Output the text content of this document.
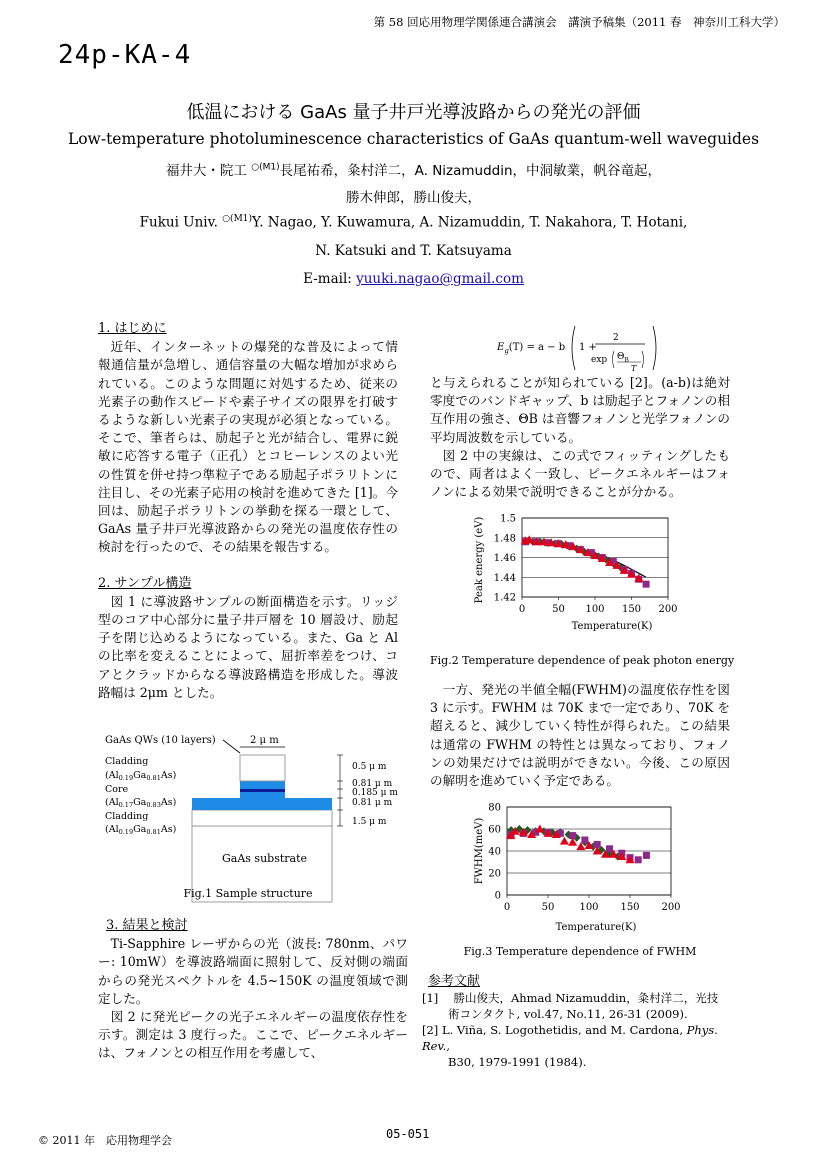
第 58 回応用物理学関係連合講演会　講演予稿集（2011 春　神奈川工科大学）
24p-KA-4
低温における GaAs 量子井戸光導波路からの発光の評価
Low-temperature photoluminescence characteristics of GaAs quantum-well waveguides
福井大・院工 $^{○(M1)}$長尾祐希，粂村洋二，A. Nizamuddin，中洞敏業，帆谷竜起，
勝木伸郎，勝山俊夫，
Fukui Univ. $^{○(M1)}$Y. Nagao, Y. Kuwamura, A. Nizamuddin, T. Nakahora, T. Hotani,
N. Katsuki and T. Katsuyama
E-mail: yuuki.nagao@gmail.com
1. はじめに

近年、インターネットの爆発的な普及によって情報通信量が急増し、通信容量の大幅な増加が求められている。このような問題に対処するため、従来の光素子の動作スピードや素子サイズの限界を打破するような新しい光素子の実現が必須となっている。そこで、筆者らは、励起子と光が結合し、電界に鋭敏に応答する電子（正孔）とコヒーレンスのよい光の性質を併せ持つ準粒子である励起子ポラリトンに注目し、その光素子応用の検討を進めてきた [1]。今回は、励起子ポラリトンの挙動を探る一環として、GaAs 量子井戸光導波路からの発光の温度依存性の検討を行ったので、その結果を報告する。

2. サンプル構造

図 1 に導波路サンプルの断面構造を示す。リッジ型のコア中心部分に量子井戸層を 10 層設け、励起子を閉じ込めるようになっている。また、Ga と Al の比率を変えることによって、屈折率差をつけ、コアとクラッドからなる導波路構造を形成した。導波路幅は 2μm とした。

GaAs QWs (10 layers)	2 μ m
GaAs substrate
Cladding
$(Al_{0.19}Ga_{0.81}As)$
Core
$(Al_{0.17}Ga_{0.83}As)$
Cladding
$(Al_{0.19}Ga_{0.81}As)$
0.5 μ m
0.81 μ m
0.185 μ m
0.81 μ m
1.5 μ m
Fig.1 Sample structure
3. 結果と検討

Ti-Sapphire レーザからの光（波長: 780nm、パワー: 10mW）を導波路端面に照射して、反対側の端面からの発光スペクトルを 4.5~150K の温度領域で測定した。

図 2 に発光ピークの光子エネルギーの温度依存性を示す。測定は 3 度行った。ここで、ピークエネルギーは、フォノンとの相互作用を考慮して、

$E_g(T) = a - b$ 1 +
2
$\exp \Theta_B$
T

と与えられることが知られている [2]。(a-b)は絶対零度でのバンドギャップ、b は励起子とフォノンの相互作用の強さ、ΘB は音響フォノンと光学フォノンの平均周波数を示している。

図 2 中の実線は、この式でフィッティングしたもので、両者はよく一致し、ピークエネルギーはフォノンによる効果で説明できることが分かる。

1.5
1.48
1.46
1.44
1.42
0	50 100 150 200
Temperature(K)
Peak energy (eV)
Fig.2 Temperature dependence of peak photon energy

一方、発光の半値全幅(FWHM)の温度依存性を図 3 に示す。FWHM は 70K まで一定であり、70K を超えると、減少していく特性が得られた。この結果は通常の FWHM の特性とは異なっており、フォノンの効果だけでは説明ができない。今後、この原因の解明を進めていく予定である。

80
60
40
20
0
0	50	100 150 200
Temperature(K)
FWHM(meV)
Fig.3 Temperature dependence of FWHM
参考文献
[1]　 勝山俊夫，Ahmad Nizamuddin，粂村洋二，光技
術コンタクト, vol.47, No.11, 26-31 (2009).
[2] L. Viña, S. Logothetidis, and M. Cardona, Phys. Rev.,
B30, 1979-1991 (1984).
© 2011 年　応用物理学会	05-051
